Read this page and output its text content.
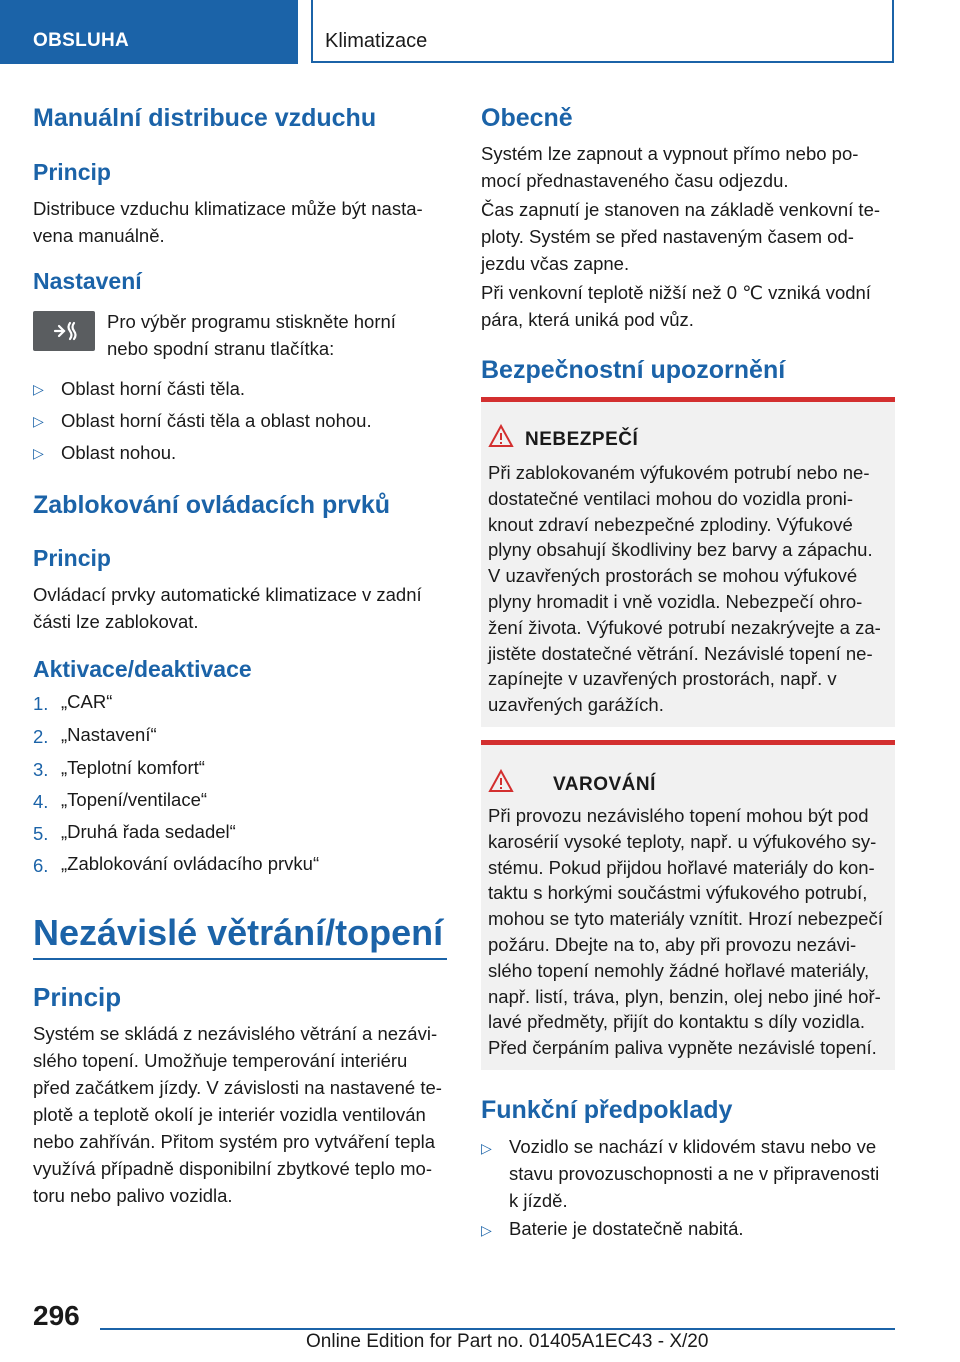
OBSLUHA	Klimatizace
Manuální distribuce vzduchu
Princip
Distribuce vzduchu klimatizace může být nasta-
vena manuálně.
Nastavení
Pro výběr programu stiskněte horní
nebo spodní stranu tlačítka:
▷ Oblast horní části těla.
▷ Oblast horní části těla a oblast nohou.
▷ Oblast nohou.
Zablokování ovládacích prvků
Princip
Ovládací prvky automatické klimatizace v zadní
části lze zablokovat.
Aktivace/deaktivace
1. „CAR“
2. „Nastavení“
3. „Teplotní komfort“
4. „Topení/ventilace“
5. „Druhá řada sedadel“
6. „Zablokování ovládacího prvku“
Nezávislé větrání/topení
Princip
Systém se skládá z nezávislého větrání a nezávi-
slého topení. Umožňuje temperování interiéru
před začátkem jízdy. V závislosti na nastavené te-
plotě a teplotě okolí je interiér vozidla ventilován
nebo zahříván. Přitom systém pro vytváření tepla
využívá případně disponibilní zbytkové teplo mo-
toru nebo palivo vozidla.
Obecně
Systém lze zapnout a vypnout přímo nebo po-
mocí přednastaveného času odjezdu.
Čas zapnutí je stanoven na základě venkovní te-
ploty. Systém se před nastaveným časem od-
jezdu včas zapne.
Při venkovní teplotě nižší než 0 ℃ vzniká vodní
pára, která uniká pod vůz.
Bezpečnostní upozornění
NEBEZPEČÍ
Při zablokovaném výfukovém potrubí nebo ne-
dostatečné ventilaci mohou do vozidla proni-
knout zdraví nebezpečné zplodiny. Výfukové
plyny obsahují škodliviny bez barvy a zápachu.
V uzavřených prostorách se mohou výfukové
plyny hromadit i vně vozidla. Nebezpečí ohro-
žení života. Výfukové potrubí nezakrývejte a za-
jistěte dostatečné větrání. Nezávislé topení ne-
zapínejte v uzavřených prostorách, např. v
uzavřených garážích.
VAROVÁNÍ
Při provozu nezávislého topení mohou být pod
karosérií vysoké teploty, např. u výfukového sy-
stému. Pokud přijdou hořlavé materiály do kon-
taktu s horkými součástmi výfukového potrubí,
mohou se tyto materiály vznítit. Hrozí nebezpečí
požáru. Dbejte na to, aby při provozu nezávi-
slého topení nemohly žádné hořlavé materiály,
např. listí, tráva, plyn, benzin, olej nebo jiné hoř-
lavé předměty, přijít do kontaktu s díly vozidla.
Před čerpáním paliva vypněte nezávislé topení.
Funkční předpoklady
▷ Vozidlo se nachází v klidovém stavu nebo ve
stavu provozuschopnosti a ne v připravenosti
k jízdě.
▷ Baterie je dostatečně nabitá.
296
Online Edition for Part no. 01405A1EC43 - X/20
